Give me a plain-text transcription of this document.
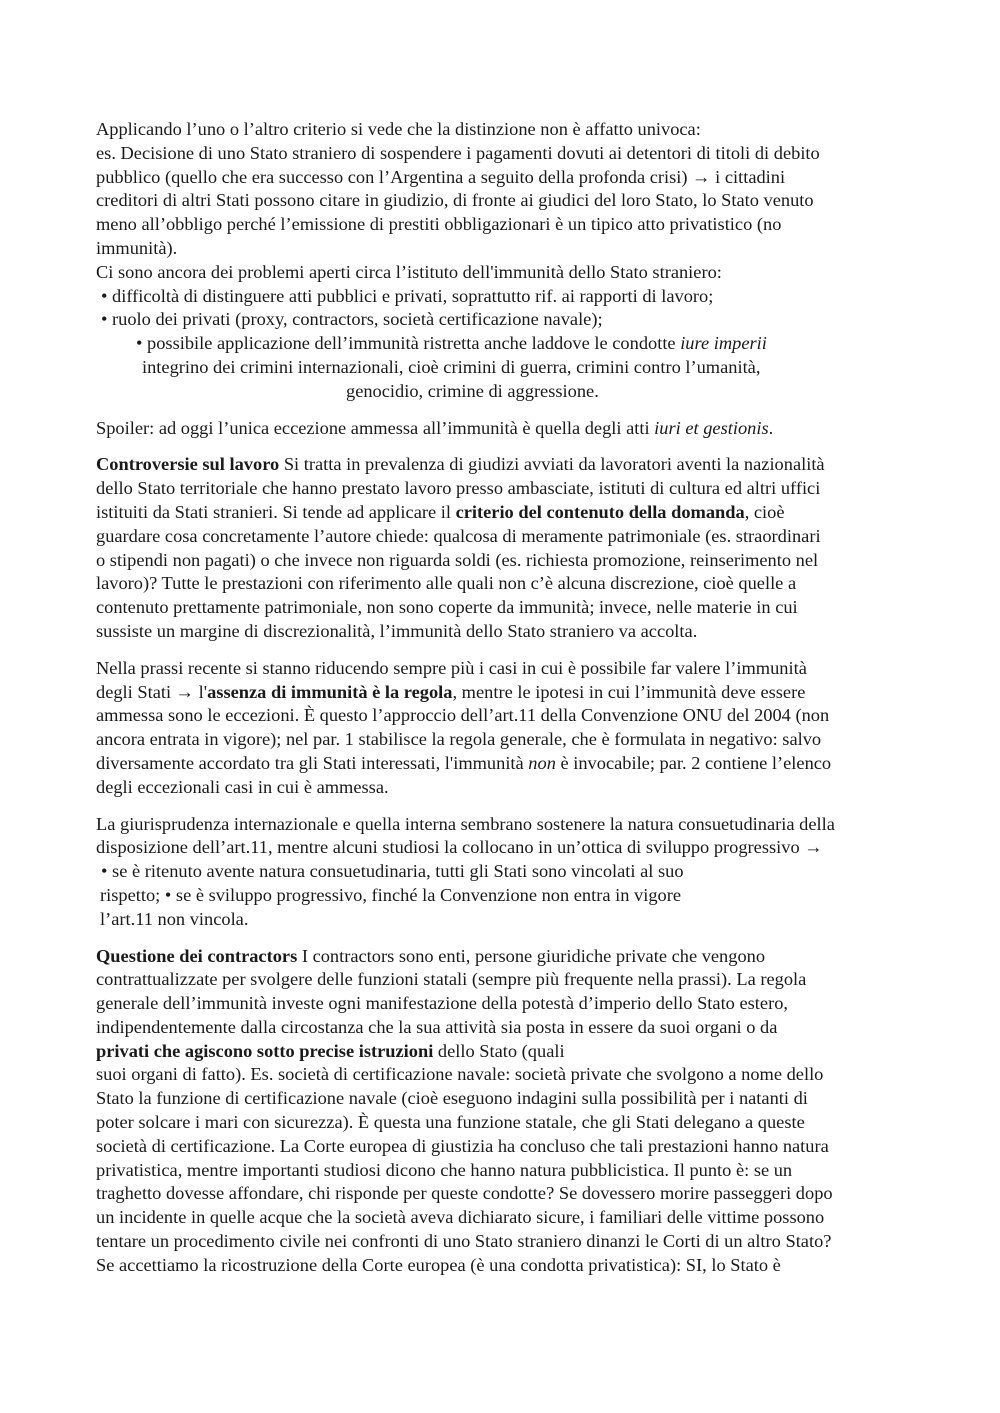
Applicando l’uno o l’altro criterio si vede che la distinzione non è affatto univoca:
es. Decisione di uno Stato straniero di sospendere i pagamenti dovuti ai detentori di titoli di debito
pubblico (quello che era successo con l’Argentina a seguito della profonda crisi) → i cittadini
creditori di altri Stati possono citare in giudizio, di fronte ai giudici del loro Stato, lo Stato venuto
meno all’obbligo perché l’emissione di prestiti obbligazionari è un tipico atto privatistico (no
immunità).
Ci sono ancora dei problemi aperti circa l’istituto dell'immunità dello Stato straniero:
• difficoltà di distinguere atti pubblici e privati, soprattutto rif. ai rapporti di lavoro;
• ruolo dei privati (proxy, contractors, società certificazione navale);
• possibile applicazione dell’immunità ristretta anche laddove le condotte iure imperii
integrino dei crimini internazionali, cioè crimini di guerra, crimini contro l’umanità,
genocidio, crimine di aggressione.
Spoiler: ad oggi l’unica eccezione ammessa all’immunità è quella degli atti iuri et gestionis.
Controversie sul lavoro Si tratta in prevalenza di giudizi avviati da lavoratori aventi la nazionalità
dello Stato territoriale che hanno prestato lavoro presso ambasciate, istituti di cultura ed altri uffici
istituiti da Stati stranieri. Si tende ad applicare il criterio del contenuto della domanda, cioè
guardare cosa concretamente l’autore chiede: qualcosa di meramente patrimoniale (es. straordinari
o stipendi non pagati) o che invece non riguarda soldi (es. richiesta promozione, reinserimento nel
lavoro)? Tutte le prestazioni con riferimento alle quali non c’è alcuna discrezione, cioè quelle a
contenuto prettamente patrimoniale, non sono coperte da immunità; invece, nelle materie in cui
sussiste un margine di discrezionalità, l’immunità dello Stato straniero va accolta.
Nella prassi recente si stanno riducendo sempre più i casi in cui è possibile far valere l’immunità
degli Stati → l'assenza di immunità è la regola, mentre le ipotesi in cui l’immunità deve essere
ammessa sono le eccezioni. È questo l’approccio dell’art.11 della Convenzione ONU del 2004 (non
ancora entrata in vigore); nel par. 1 stabilisce la regola generale, che è formulata in negativo: salvo
diversamente accordato tra gli Stati interessati, l'immunità non è invocabile; par. 2 contiene l’elenco
degli eccezionali casi in cui è ammessa.
La giurisprudenza internazionale e quella interna sembrano sostenere la natura consuetudinaria della
disposizione dell’art.11, mentre alcuni studiosi la collocano in un’ottica di sviluppo progressivo →
• se è ritenuto avente natura consuetudinaria, tutti gli Stati sono vincolati al suo
rispetto; • se è sviluppo progressivo, finché la Convenzione non entra in vigore
l’art.11 non vincola.
Questione dei contractors I contractors sono enti, persone giuridiche private che vengono
contrattualizzate per svolgere delle funzioni statali (sempre più frequente nella prassi). La regola
generale dell’immunità investe ogni manifestazione della potestà d’imperio dello Stato estero,
indipendentemente dalla circostanza che la sua attività sia posta in essere da suoi organi o da
privati che agiscono sotto precise istruzioni dello Stato (quali
suoi organi di fatto). Es. società di certificazione navale: società private che svolgono a nome dello
Stato la funzione di certificazione navale (cioè eseguono indagini sulla possibilità per i natanti di
poter solcare i mari con sicurezza). È questa una funzione statale, che gli Stati delegano a queste
società di certificazione. La Corte europea di giustizia ha concluso che tali prestazioni hanno natura
privatistica, mentre importanti studiosi dicono che hanno natura pubblicistica. Il punto è: se un
traghetto dovesse affondare, chi risponde per queste condotte? Se dovessero morire passeggeri dopo
un incidente in quelle acque che la società aveva dichiarato sicure, i familiari delle vittime possono
tentare un procedimento civile nei confronti di uno Stato straniero dinanzi le Corti di un altro Stato?
Se accettiamo la ricostruzione della Corte europea (è una condotta privatistica): SI, lo Stato è
